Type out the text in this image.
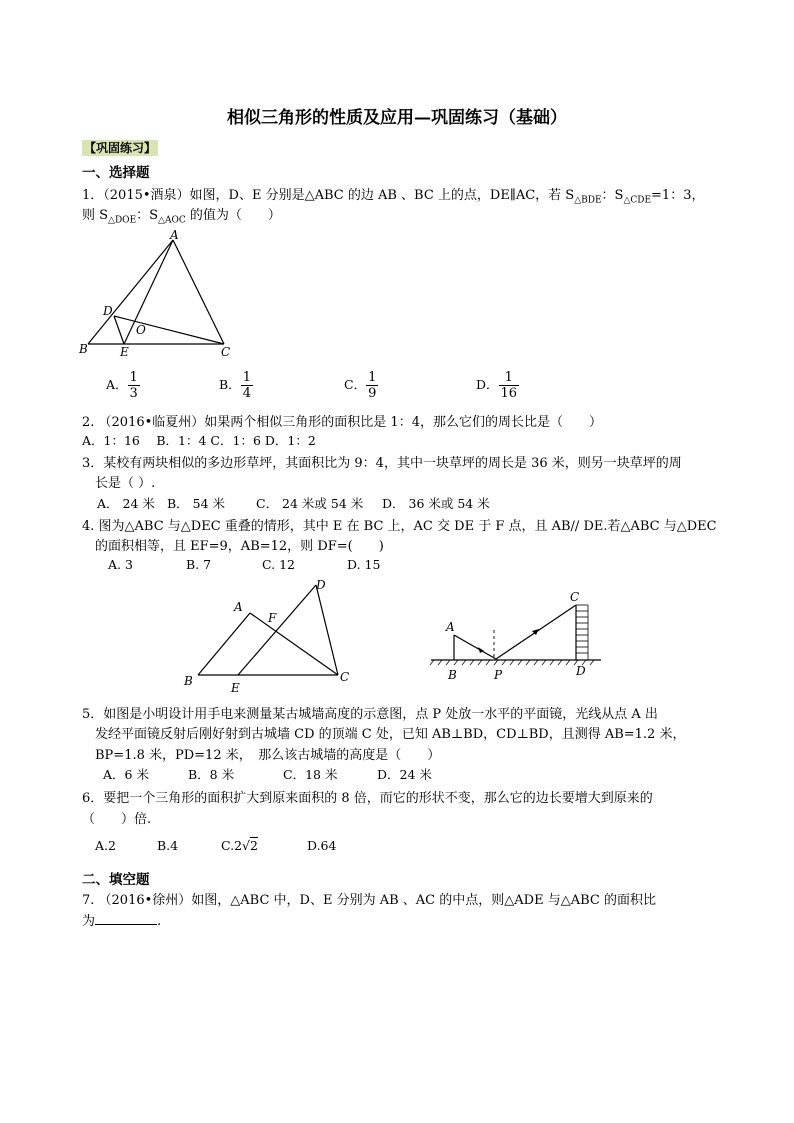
相似三角形的性质及应用—巩固练习（基础）
【巩固练习】
一、选择题
1．（2015•酒泉）如图，D、E 分别是△ABC 的边 AB 、BC 上的点，DE∥AC，若 $S_{\triangle BDE}$：$S_{\triangle CDE}=1$：3，
则 $S_{\triangle DOE}$：$S_{\triangle AOC}$ 的值为（　　）
A
B	C
D
E
O
A． $\frac{1}{3}$	B． $\frac{1}{4}$	C． $\frac{1}{9}$	D． $\frac{1}{16}$
2. （2016•临夏州）如果两个相似三角形的面积比是 1：4，那么它们的周长比是（　　）
A．1：16　 B．1：4 C．1：6 D．1：2
3．某校有两块相似的多边形草坪，其面积比为 9：4，其中一块草坪的周长是 36 米，则另一块草坪的周
长是（ ）.
A． 24 米 B． 54 米 C． 24 米或 54 米 D． 36 米或 54 米
4. 图为△ABC 与△DEC 重叠的情形，其中 E 在 BC 上，AC 交 DE 于 F 点，且 AB// DE.若△ABC 与△DEC
的面积相等，且 EF=9，AB=12，则 DF=(　　)
A. 3	B. 7	C. 12	D. 15
A
B	C
D
E
F
A
B	P
C
D
5．如图是小明设计用手电来测量某古城墙高度的示意图，点 P 处放一水平的平面镜，光线从点 A 出
发经平面镜反射后刚好射到古城墙 CD 的顶端 C 处，已知 AB⊥BD，CD⊥BD，且测得 AB=1.2 米，
BP=1.8 米，PD=12 米，　那么该古城墙的高度是（　　）
A．6 米	B．8 米	C．18 米	D．24 米
6．要把一个三角形的面积扩大到原来面积的 8 倍，而它的形状不变，那么它的边长要增大到原来的
（　　）倍.
A.2	B.4	C.2√2	D.64
二、填空题
7. （2016•徐州）如图，△ABC 中，D、E 分别为 AB 、AC 的中点，则△ADE 与△ABC 的面积比
为	.
